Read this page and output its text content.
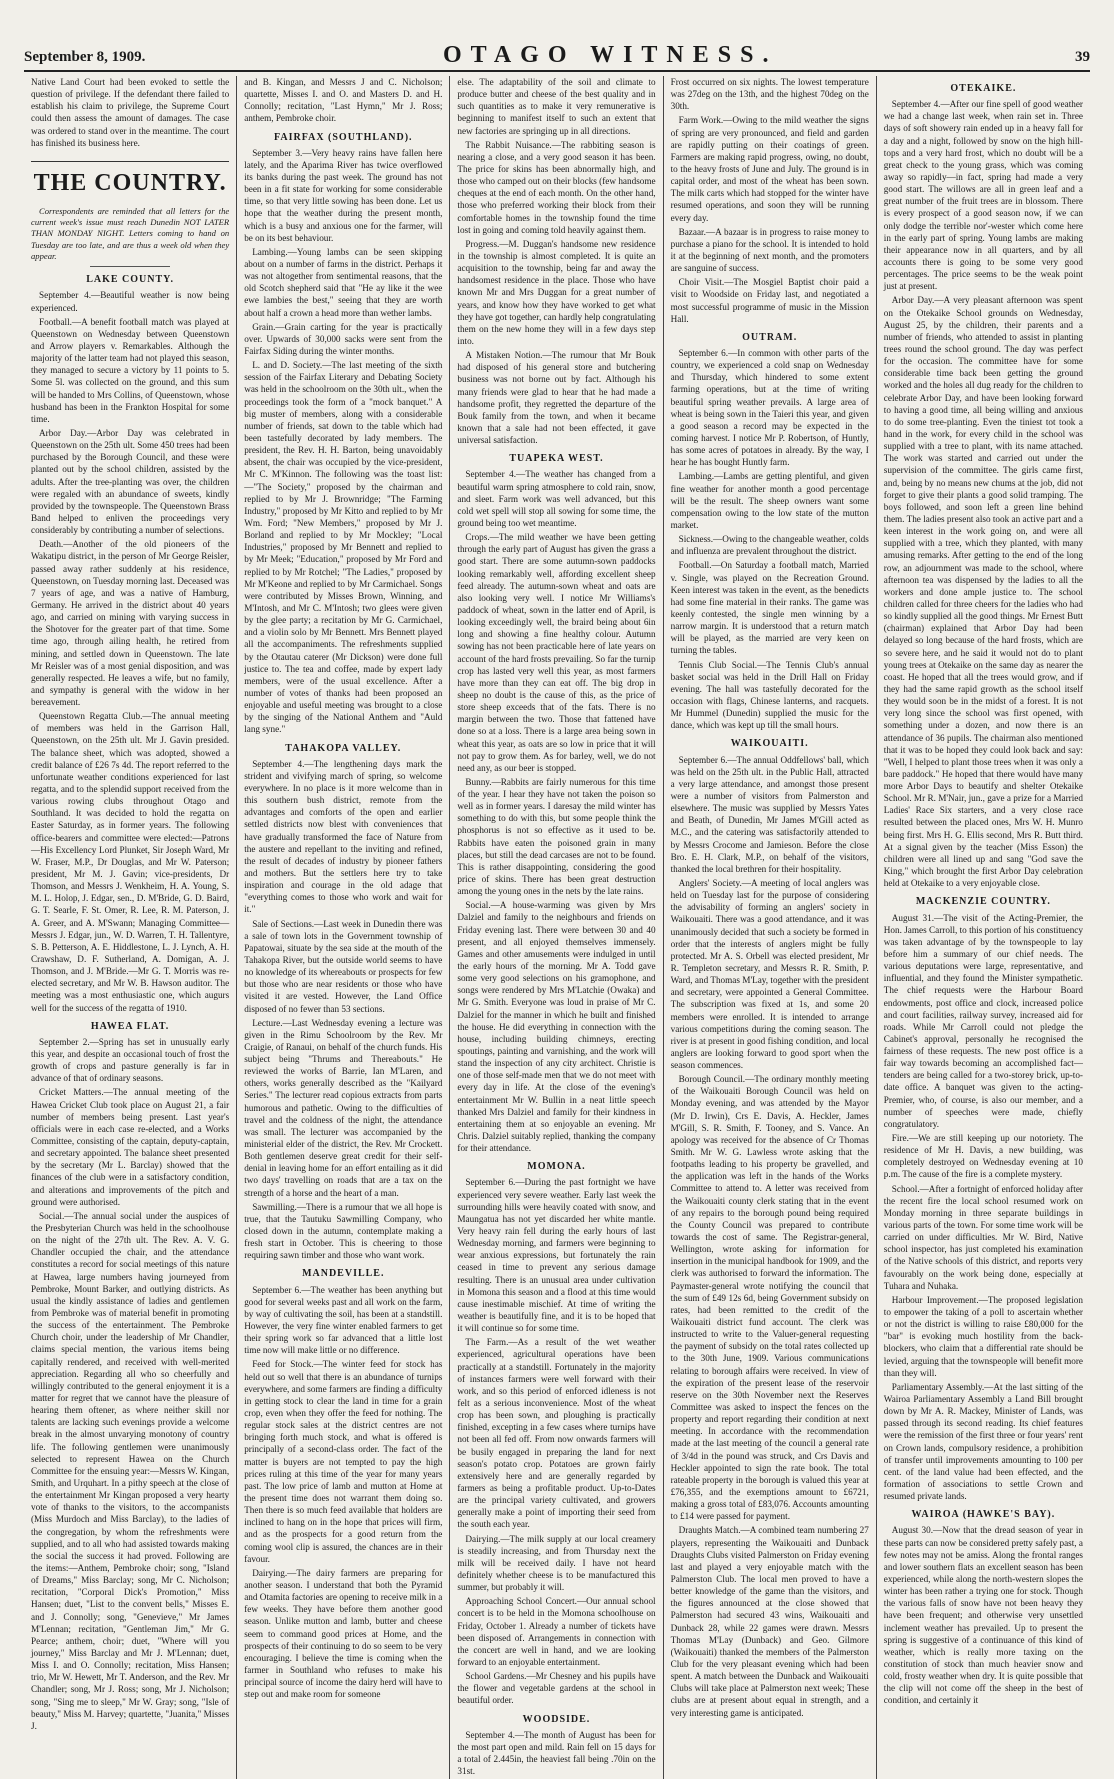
September 8, 1909.	OTAGO WITNESS.	39

Native Land Court had been evoked to settle the question of privilege. If the defendant there failed to establish his claim to privilege, the Supreme Court could then assess the amount of damages. The case was ordered to stand over in the meantime. The court has finished its business here.

THE COUNTRY.

Correspondents are reminded that all letters for the current week's issue must reach Dunedin NOT LATER THAN MONDAY NIGHT. Letters coming to hand on Tuesday are too late, and are thus a week old when they appear.

LAKE COUNTY.

September 4.—Beautiful weather is now being experienced.

Football.—A benefit football match was played at Queenstown on Wednesday between Queenstown and Arrow players v. Remarkables. Although the majority of the latter team had not played this season, they managed to secure a victory by 11 points to 5. Some 5l. was collected on the ground, and this sum will be handed to Mrs Collins, of Queenstown, whose husband has been in the Frankton Hospital for some time.

Arbor Day.—Arbor Day was celebrated in Queenstown on the 25th ult. Some 450 trees had been purchased by the Borough Council, and these were planted out by the school children, assisted by the adults. After the tree-planting was over, the children were regaled with an abundance of sweets, kindly provided by the townspeople. The Queenstown Brass Band helped to enliven the proceedings very considerably by contributing a number of selections.

Death.—Another of the old pioneers of the Wakatipu district, in the person of Mr George Reisler, passed away rather suddenly at his residence, Queenstown, on Tuesday morning last. Deceased was 7 years of age, and was a native of Hamburg, Germany. He arrived in the district about 40 years ago, and carried on mining with varying success in the Shotover for the greater part of that time. Some time ago, through ailing health, he retired from mining, and settled down in Queenstown. The late Mr Reisler was of a most genial disposition, and was generally respected. He leaves a wife, but no family, and sympathy is general with the widow in her bereavement.

Queenstown Regatta Club.—The annual meeting of members was held in the Garrison Hall, Queenstown, on the 25th ult. Mr J. Gavin presided. The balance sheet, which was adopted, showed a credit balance of £26 7s 4d. The report referred to the unfortunate weather conditions experienced for last regatta, and to the splendid support received from the various rowing clubs throughout Otago and Southland. It was decided to hold the regatta on Easter Saturday, as in former years. The following office-bearers and committee were elected:—Patrons—His Excellency Lord Plunket, Sir Joseph Ward, Mr W. Fraser, M.P., Dr Douglas, and Mr W. Paterson; president, Mr M. J. Gavin; vice-presidents, Dr Thomson, and Messrs J. Wenkheim, H. A. Young, S. M. L. Holop, J. Edgar, sen., D. M'Bride, G. D. Baird, G. T. Searle, F. St. Omer, R. Lee, R. M. Paterson, J. A. Greer, and A. M'Swann; Managing Committee—Messrs J. Edgar, jun., W. D. Warren, T. H. Tallentyre, S. B. Petterson, A. E. Hiddlestone, L. J. Lynch, A. H. Crawshaw, D. F. Sutherland, A. Domigan, A. J. Thomson, and J. M'Bride.—Mr G. T. Morris was re-elected secretary, and Mr W. B. Hawson auditor. The meeting was a most enthusiastic one, which augurs well for the success of the regatta of 1910.

HAWEA FLAT.

September 2.—Spring has set in unusually early this year, and despite an occasional touch of frost the growth of crops and pasture generally is far in advance of that of ordinary seasons.

Cricket Matters.—The annual meeting of the Hawea Cricket Club took place on August 21, a fair number of members being present. Last year's officials were in each case re-elected, and a Works Committee, consisting of the captain, deputy-captain, and secretary appointed. The balance sheet presented by the secretary (Mr L. Barclay) showed that the finances of the club were in a satisfactory condition, and alterations and improvements of the pitch and ground were authorised.

Social.—The annual social under the auspices of the Presbyterian Church was held in the schoolhouse on the night of the 27th ult. The Rev. A. V. G. Chandler occupied the chair, and the attendance constitutes a record for social meetings of this nature at Hawea, large numbers having journeyed from Pembroke, Mount Barker, and outlying districts. As usual the kindly assistance of ladies and gentlemen from Pembroke was of material benefit in promoting the success of the entertainment. The Pembroke Church choir, under the leadership of Mr Chandler, claims special mention, the various items being capitally rendered, and received with well-merited appreciation. Regarding all who so cheerfully and willingly contributed to the general enjoyment it is a matter for regret that we cannot have the pleasure of hearing them oftener, as where neither skill nor talents are lacking such evenings provide a welcome break in the almost unvarying monotony of country life. The following gentlemen were unanimously selected to represent Hawea on the Church Committee for the ensuing year:—Messrs W. Kingan, Smith, and Urquhart. In a pithy speech at the close of the entertainment Mr Kingan proposed a very hearty vote of thanks to the visitors, to the accompanists (Miss Murdoch and Miss Barclay), to the ladies of the congregation, by whom the refreshments were supplied, and to all who had assisted towards making the social the success it had proved. Following are the items:—Anthem, Pembroke choir; song, "Island of Dreams," Miss Barclay; song, Mr C. Nicholson; recitation, "Corporal Dick's Promotion," Miss Hansen; duet, "List to the convent bells," Misses E. and J. Connolly; song, "Genevieve," Mr James M'Lennan; recitation, "Gentleman Jim," Mr G. Pearce; anthem, choir; duet, "Where will you journey," Miss Barclay and Mr J. M'Lennan; duet, Miss I. and O. Connolly; recitation, Miss Hansen; trio, Mr W. Hewett, Mr T. Anderson, and the Rev. Mr Chandler; song, Mr J. Ross; song, Mr J. Nicholson; song, "Sing me to sleep," Mr W. Gray; song, "Isle of beauty," Miss M. Harvey; quartette, "Juanita," Misses J.

and B. Kingan, and Messrs J and C. Nicholson; quartette, Misses I. and O. and Masters D. and H. Connolly; recitation, "Last Hymn," Mr J. Ross; anthem, Pembroke choir.

FAIRFAX (SOUTHLAND).

September 3.—Very heavy rains have fallen here lately, and the Aparima River has twice overflowed its banks during the past week. The ground has not been in a fit state for working for some considerable time, so that very little sowing has been done. Let us hope that the weather during the present month, which is a busy and anxious one for the farmer, will be on its best behaviour.

Lambing.—Young lambs can be seen skipping about on a number of farms in the district. Perhaps it was not altogether from sentimental reasons, that the old Scotch shepherd said that "He ay like it the wee ewe lambies the best," seeing that they are worth about half a crown a head more than wether lambs.

Grain.—Grain carting for the year is practically over. Upwards of 30,000 sacks were sent from the Fairfax Siding during the winter months.

L. and D. Society.—The last meeting of the sixth session of the Fairfax Literary and Debating Society was held in the schoolroom on the 30th ult., when the proceedings took the form of a "mock banquet." A big muster of members, along with a considerable number of friends, sat down to the table which had been tastefully decorated by lady members. The president, the Rev. H. H. Barton, being unavoidably absent, the chair was occupied by the vice-president, Mr C. M'Kinnon. The following was the toast list:—"The Society," proposed by the chairman and replied to by Mr J. Brownridge; "The Farming Industry," proposed by Mr Kitto and replied to by Mr Wm. Ford; "New Members," proposed by Mr J. Borland and replied to by Mr Mockley; "Local Industries," proposed by Mr Bennett and replied to by Mr Meek; "Education," proposed by Mr Ford and replied to by Mr Rotchel; "The Ladies," proposed by Mr M'Keone and replied to by Mr Carmichael. Songs were contributed by Misses Brown, Winning, and M'Intosh, and Mr C. M'Intosh; two glees were given by the glee party; a recitation by Mr G. Carmichael, and a violin solo by Mr Bennett. Mrs Bennett played all the accompaniments. The refreshments supplied by the Otautau caterer (Mr Dickson) were done full justice to. The tea and coffee, made by expert lady members, were of the usual excellence. After a number of votes of thanks had been proposed an enjoyable and useful meeting was brought to a close by the singing of the National Anthem and "Auld lang syne."

TAHAKOPA VALLEY.

September 4.—The lengthening days mark the strident and vivifying march of spring, so welcome everywhere. In no place is it more welcome than in this southern bush district, remote from the advantages and comforts of the open and earlier settled districts now blest with conveniences that have gradually transformed the face of Nature from the austere and repellant to the inviting and refined, the result of decades of industry by pioneer fathers and mothers. But the settlers here try to take inspiration and courage in the old adage that "everything comes to those who work and wait for it."

Sale of Sections.—Last week in Dunedin there was a sale of town lots in the Government township of Papatowai, situate by the sea side at the mouth of the Tahakopa River, but the outside world seems to have no knowledge of its whereabouts or prospects for few but those who are near residents or those who have visited it are vested. However, the Land Office disposed of no fewer than 53 sections.

Lecture.—Last Wednesday evening a lecture was given in the Rimu Schoolroom by the Rev. Mr Craigie, of Ranaui, on behalf of the church funds. His subject being "Thrums and Thereabouts." He reviewed the works of Barrie, Ian M'Laren, and others, works generally described as the "Kailyard Series." The lecturer read copious extracts from parts humorous and pathetic. Owing to the difficulties of travel and the coldness of the night, the attendance was small. The lecturer was accompanied by the ministerial elder of the district, the Rev. Mr Crockett. Both gentlemen deserve great credit for their self-denial in leaving home for an effort entailing as it did two days' travelling on roads that are a tax on the strength of a horse and the heart of a man.

Sawmilling.—There is a rumour that we all hope is true, that the Tautuku Sawmilling Company, who closed down in the autumn, contemplate making a fresh start in October. This is cheering to those requiring sawn timber and those who want work.

MANDEVILLE.

September 6.—The weather has been anything but good for several weeks past and all work on the farm, by way of cultivating the soil, has been at a standstill. However, the very fine winter enabled farmers to get their spring work so far advanced that a little lost time now will make little or no difference.

Feed for Stock.—The winter feed for stock has held out so well that there is an abundance of turnips everywhere, and some farmers are finding a difficulty in getting stock to clear the land in time for a grain crop, even when they offer the feed for nothing. The regular stock sales at the district centres are not bringing forth much stock, and what is offered is principally of a second-class order. The fact of the matter is buyers are not tempted to pay the high prices ruling at this time of the year for many years past. The low price of lamb and mutton at Home at the present time does not warrant them doing so. Then there is so much feed available that holders are inclined to hang on in the hope that prices will firm, and as the prospects for a good return from the coming wool clip is assured, the chances are in their favour.

Dairying.—The dairy farmers are preparing for another season. I understand that both the Pyramid and Otamita factories are opening to receive milk in a few weeks. They have before them another good season. Unlike mutton and lamb, butter and cheese seem to command good prices at Home, and the prospects of their continuing to do so seem to be very encouraging. I believe the time is coming when the farmer in Southland who refuses to make his principal source of income the dairy herd will have to step out and make room for someone

else. The adaptability of the soil and climate to produce butter and cheese of the best quality and in such quantities as to make it very remunerative is beginning to manifest itself to such an extent that new factories are springing up in all directions.

The Rabbit Nuisance.—The rabbiting season is nearing a close, and a very good season it has been. The price for skins has been abnormally high, and those who camped out on their blocks (few handsome cheques at the end of each month. On the other hand, those who preferred working their block from their comfortable homes in the township found the time lost in going and coming told heavily against them.

Progress.—M. Duggan's handsome new residence in the township is almost completed. It is quite an acquisition to the township, being far and away the handsomest residence in the place. Those who have known Mr and Mrs Duggan for a great number of years, and know how they have worked to get what they have got together, can hardly help congratulating them on the new home they will in a few days step into.

A Mistaken Notion.—The rumour that Mr Bouk had disposed of his general store and butchering business was not borne out by fact. Although his many friends were glad to hear that he had made a handsome profit, they regretted the departure of the Bouk family from the town, and when it became known that a sale had not been effected, it gave universal satisfaction.

TUAPEKA WEST.

September 4.—The weather has changed from a beautiful warm spring atmosphere to cold rain, snow, and sleet. Farm work was well advanced, but this cold wet spell will stop all sowing for some time, the ground being too wet meantime.

Crops.—The mild weather we have been getting through the early part of August has given the grass a good start. There are some autumn-sown paddocks looking remarkably well, affording excellent sheep feed already. The autumn-sown wheat and oats are also looking very well. I notice Mr Williams's paddock of wheat, sown in the latter end of April, is looking exceedingly well, the braird being about 6in long and showing a fine healthy colour. Autumn sowing has not been practicable here of late years on account of the hard frosts prevailing. So far the turnip crop has lasted very well this year, as most farmers have more than they can eat off. The big drop in sheep no doubt is the cause of this, as the price of store sheep exceeds that of the fats. There is no margin between the two. Those that fattened have done so at a loss. There is a large area being sown in wheat this year, as oats are so low in price that it will not pay to grow them. As for barley, well, we do not need any, as our beer is stopped.

Bunny.—Rabbits are fairly numerous for this time of the year. I hear they have not taken the poison so well as in former years. I daresay the mild winter has something to do with this, but some people think the phosphorus is not so effective as it used to be. Rabbits have eaten the poisoned grain in many places, but still the dead carcases are not to be found. This is rather disappointing, considering the good price of skins. There has been great destruction among the young ones in the nets by the late rains.

Social.—A house-warming was given by Mrs Dalziel and family to the neighbours and friends on Friday evening last. There were between 30 and 40 present, and all enjoyed themselves immensely. Games and other amusements were indulged in until the early hours of the morning. Mr A. Todd gave some very good selections on his gramophone, and songs were rendered by Mrs M'Latchie (Owaka) and Mr G. Smith. Everyone was loud in praise of Mr C. Dalziel for the manner in which he built and finished the house. He did everything in connection with the house, including building chimneys, erecting spoutings, painting and varnishing, and the work will stand the inspection of any city architect. Christie is one of those self-made men that we do not meet with every day in life. At the close of the evening's entertainment Mr W. Bullin in a neat little speech thanked Mrs Dalziel and family for their kindness in entertaining them at so enjoyable an evening. Mr Chris. Dalziel suitably replied, thanking the company for their attendance.

MOMONA.

September 6.—During the past fortnight we have experienced very severe weather. Early last week the surrounding hills were heavily coated with snow, and Maungatua has not yet discarded her white mantle. Very heavy rain fell during the early hours of last Wednesday morning, and farmers were beginning to wear anxious expressions, but fortunately the rain ceased in time to prevent any serious damage resulting. There is an unusual area under cultivation in Momona this season and a flood at this time would cause inestimable mischief. At time of writing the weather is beautifully fine, and it is to be hoped that it will continue so for some time.

The Farm.—As a result of the wet weather experienced, agricultural operations have been practically at a standstill. Fortunately in the majority of instances farmers were well forward with their work, and so this period of enforced idleness is not felt as a serious inconvenience. Most of the wheat crop has been sown, and ploughing is practically finished, excepting in a few cases where turnips have not been all fed off. From now onwards farmers will be busily engaged in preparing the land for next season's potato crop. Potatoes are grown fairly extensively here and are generally regarded by farmers as being a profitable product. Up-to-Dates are the principal variety cultivated, and growers generally make a point of importing their seed from the south each year.

Dairying.—The milk supply at our local creamery is steadily increasing, and from Thursday next the milk will be received daily. I have not heard definitely whether cheese is to be manufactured this summer, but probably it will.

Approaching School Concert.—Our annual school concert is to be held in the Momona schoolhouse on Friday, October 1. Already a number of tickets have been disposed of. Arrangements in connection with the concert are well in hand, and we are looking forward to an enjoyable entertainment.

School Gardens.—Mr Chesney and his pupils have the flower and vegetable gardens at the school in beautiful order.

WOODSIDE.

September 4.—The month of August has been for the most part open and mild. Rain fell on 15 days for a total of 2.445in, the heaviest fall being .70in on the 31st.

Frost occurred on six nights. The lowest temperature was 27deg on the 13th, and the highest 70deg on the 30th.

Farm Work.—Owing to the mild weather the signs of spring are very pronounced, and field and garden are rapidly putting on their coatings of green. Farmers are making rapid progress, owing, no doubt, to the heavy frosts of June and July. The ground is in capital order, and most of the wheat has been sown. The milk carts which had stopped for the winter have resumed operations, and soon they will be running every day.

Bazaar.—A bazaar is in progress to raise money to purchase a piano for the school. It is intended to hold it at the beginning of next month, and the promoters are sanguine of success.

Choir Visit.—The Mosgiel Baptist choir paid a visit to Woodside on Friday last, and negotiated a most successful programme of music in the Mission Hall.

OUTRAM.

September 6.—In common with other parts of the country, we experienced a cold snap on Wednesday and Thursday, which hindered to some extent farming operations, but at the time of writing beautiful spring weather prevails. A large area of wheat is being sown in the Taieri this year, and given a good season a record may be expected in the coming harvest. I notice Mr P. Robertson, of Huntly, has some acres of potatoes in already. By the way, I hear he has bought Huntly farm.

Lambing.—Lambs are getting plentiful, and given fine weather for another month a good percentage will be the result. The sheep owners want some compensation owing to the low state of the mutton market.

Sickness.—Owing to the changeable weather, colds and influenza are prevalent throughout the district.

Football.—On Saturday a football match, Married v. Single, was played on the Recreation Ground. Keen interest was taken in the event, as the benedicts had some fine material in their ranks. The game was keenly contested, the single men winning by a narrow margin. It is understood that a return match will be played, as the married are very keen on turning the tables.

Tennis Club Social.—The Tennis Club's annual basket social was held in the Drill Hall on Friday evening. The hall was tastefully decorated for the occasion with flags, Chinese lanterns, and racquets. Mr Hummel (Dunedin) supplied the music for the dance, which was kept up till the small hours.

WAIKOUAITI.

September 6.—The annual Oddfellows' ball, which was held on the 25th ult. in the Public Hall, attracted a very large attendance, and amongst those present were a number of visitors from Palmerston and elsewhere. The music was supplied by Messrs Yates and Beath, of Dunedin, Mr James M'Gill acted as M.C., and the catering was satisfactorily attended to by Messrs Crocome and Jamieson. Before the close Bro. E. H. Clark, M.P., on behalf of the visitors, thanked the local brethren for their hospitality.

Anglers' Society.—A meeting of local anglers was held on Tuesday last for the purpose of considering the advisability of forming an anglers' society in Waikouaiti. There was a good attendance, and it was unanimously decided that such a society be formed in order that the interests of anglers might be fully protected. Mr A. S. Orbell was elected president, Mr R. Templeton secretary, and Messrs R. R. Smith, P. Ward, and Thomas M'Lay, together with the president and secretary, were appointed a General Committee. The subscription was fixed at 1s, and some 20 members were enrolled. It is intended to arrange various competitions during the coming season. The river is at present in good fishing condition, and local anglers are looking forward to good sport when the season commences.

Borough Council.—The ordinary monthly meeting of the Waikouaiti Borough Council was held on Monday evening, and was attended by the Mayor (Mr D. Irwin), Crs E. Davis, A. Heckler, James M'Gill, S. R. Smith, F. Tooney, and S. Vance. An apology was received for the absence of Cr Thomas Smith. Mr W. G. Lawless wrote asking that the footpaths leading to his property be gravelled, and the application was left in the hands of the Works Committee to attend to. A letter was received from the Waikouaiti county clerk stating that in the event of any repairs to the borough pound being required the County Council was prepared to contribute towards the cost of same. The Registrar-general, Wellington, wrote asking for information for insertion in the municipal handbook for 1909, and the clerk was authorised to forward the information. The Paymaster-general wrote notifying the council that the sum of £49 12s 6d, being Government subsidy on rates, had been remitted to the credit of the Waikouaiti district fund account. The clerk was instructed to write to the Valuer-general requesting the payment of subsidy on the total rates collected up to the 30th June, 1909. Various communications relating to borough affairs were received. In view of the expiration of the present lease of the reservoir reserve on the 30th November next the Reserves Committee was asked to inspect the fences on the property and report regarding their condition at next meeting. In accordance with the recommendation made at the last meeting of the council a general rate of 3/4d in the pound was struck, and Crs Davis and Heckler appointed to sign the rate book. The total rateable property in the borough is valued this year at £76,355, and the exemptions amount to £6721, making a gross total of £83,076. Accounts amounting to £14 were passed for payment.

Draughts Match.—A combined team numbering 27 players, representing the Waikouaiti and Dunback Draughts Clubs visited Palmerston on Friday evening last and played a very enjoyable match with the Palmerston Club. The local men proved to have a better knowledge of the game than the visitors, and the figures announced at the close showed that Palmerston had secured 43 wins, Waikouaiti and Dunback 28, while 22 games were drawn. Messrs Thomas M'Lay (Dunback) and Geo. Gilmore (Waikouaiti) thanked the members of the Palmerston Club for the very pleasant evening which had been spent. A match between the Dunback and Waikouaiti Clubs will take place at Palmerston next week; These clubs are at present about equal in strength, and a very interesting game is anticipated.

OTEKAIKE.

September 4.—After our fine spell of good weather we had a change last week, when rain set in. Three days of soft showery rain ended up in a heavy fall for a day and a night, followed by snow on the high hill-tops and a very hard frost, which no doubt will be a great check to the young grass, which was coming away so rapidly—in fact, spring had made a very good start. The willows are all in green leaf and a great number of the fruit trees are in blossom. There is every prospect of a good season now, if we can only dodge the terrible nor'-wester which come here in the early part of spring. Young lambs are making their appearance now in all quarters, and by all accounts there is going to be some very good percentages. The price seems to be the weak point just at present.

Arbor Day.—A very pleasant afternoon was spent on the Otekaike School grounds on Wednesday, August 25, by the children, their parents and a number of friends, who attended to assist in planting trees round the school ground. The day was perfect for the occasion. The committee have for some considerable time back been getting the ground worked and the holes all dug ready for the children to celebrate Arbor Day, and have been looking forward to having a good time, all being willing and anxious to do some tree-planting. Even the tiniest tot took a hand in the work, for every child in the school was supplied with a tree to plant, with its name attached. The work was started and carried out under the supervision of the committee. The girls came first, and, being by no means new chums at the job, did not forget to give their plants a good solid tramping. The boys followed, and soon left a green line behind them. The ladies present also took an active part and a keen interest in the work going on, and were all supplied with a tree, which they planted, with many amusing remarks. After getting to the end of the long row, an adjournment was made to the school, where afternoon tea was dispensed by the ladies to all the workers and done ample justice to. The school children called for three cheers for the ladies who had so kindly supplied all the good things. Mr Ernest Butt (chairman) explained that Arbor Day had been delayed so long because of the hard frosts, which are so severe here, and he said it would not do to plant young trees at Otekaike on the same day as nearer the coast. He hoped that all the trees would grow, and if they had the same rapid growth as the school itself they would soon be in the midst of a forest. It is not very long since the school was first opened, with something under a dozen, and now there is an attendance of 36 pupils. The chairman also mentioned that it was to be hoped they could look back and say: "Well, I helped to plant those trees when it was only a bare paddock." He hoped that there would have many more Arbor Days to beautify and shelter Otekaike School. Mr R. M'Nair, jun., gave a prize for a Married Ladies' Race Six starters, and a very close race resulted between the placed ones, Mrs W. H. Munro being first. Mrs H. G. Ellis second, Mrs R. Butt third. At a signal given by the teacher (Miss Esson) the children were all lined up and sang "God save the King," which brought the first Arbor Day celebration held at Otekaike to a very enjoyable close.

MACKENZIE COUNTRY.

August 31.—The visit of the Acting-Premier, the Hon. James Carroll, to this portion of his constituency was taken advantage of by the townspeople to lay before him a summary of our chief needs. The various deputations were large, representative, and influential, and they found the Minister sympathetic. The chief requests were the Harbour Board endowments, post office and clock, increased police and court facilities, railway survey, increased aid for roads. While Mr Carroll could not pledge the Cabinet's approval, personally he recognised the fairness of these requests. The new post office is a fair way towards becoming an accomplished fact—tenders are being called for a two-storey brick, up-to-date office. A banquet was given to the acting-Premier, who, of course, is also our member, and a number of speeches were made, chiefly congratulatory.

Fire.—We are still keeping up our notoriety. The residence of Mr H. Davis, a new building, was completely destroyed on Wednesday evening at 10 p.m. The cause of the fire is a complete mystery.

School.—After a fortnight of enforced holiday after the recent fire the local school resumed work on Monday morning in three separate buildings in various parts of the town. For some time work will be carried on under difficulties. Mr W. Bird, Native school inspector, has just completed his examination of the Native schools of this district, and reports very favourably on the work being done, especially at Tuhara and Nuhaka.

Harbour Improvement.—The proposed legislation to empower the taking of a poll to ascertain whether or not the district is willing to raise £80,000 for the "bar" is evoking much hostility from the back-blockers, who claim that a differential rate should be levied, arguing that the townspeople will benefit more than they will.

Parliamentary Assembly.—At the last sitting of the Wairoa Parliamentary Assembly a Land Bill brought down by Mr A. R. Mackey, Minister of Lands, was passed through its second reading. Its chief features were the remission of the first three or four years' rent on Crown lands, compulsory residence, a prohibition of transfer until improvements amounting to 100 per cent. of the land value had been effected, and the formation of associations to settle Crown and resumed private lands.

WAIROA (HAWKE'S BAY).

August 30.—Now that the dread season of year in these parts can now be considered pretty safely past, a few notes may not be amiss. Along the frontal ranges and lower southern flats an excellent season has been experienced, while along the north-western slopes the winter has been rather a trying one for stock. Though the various falls of snow have not been heavy they have been frequent; and otherwise very unsettled inclement weather has prevailed. Up to present the spring is suggestive of a continuance of this kind of weather, which is really more taxing on the constitution of stock than much heavier snow and cold, frosty weather when dry. It is quite possible that the clip will not come off the sheep in the best of condition, and certainly it
